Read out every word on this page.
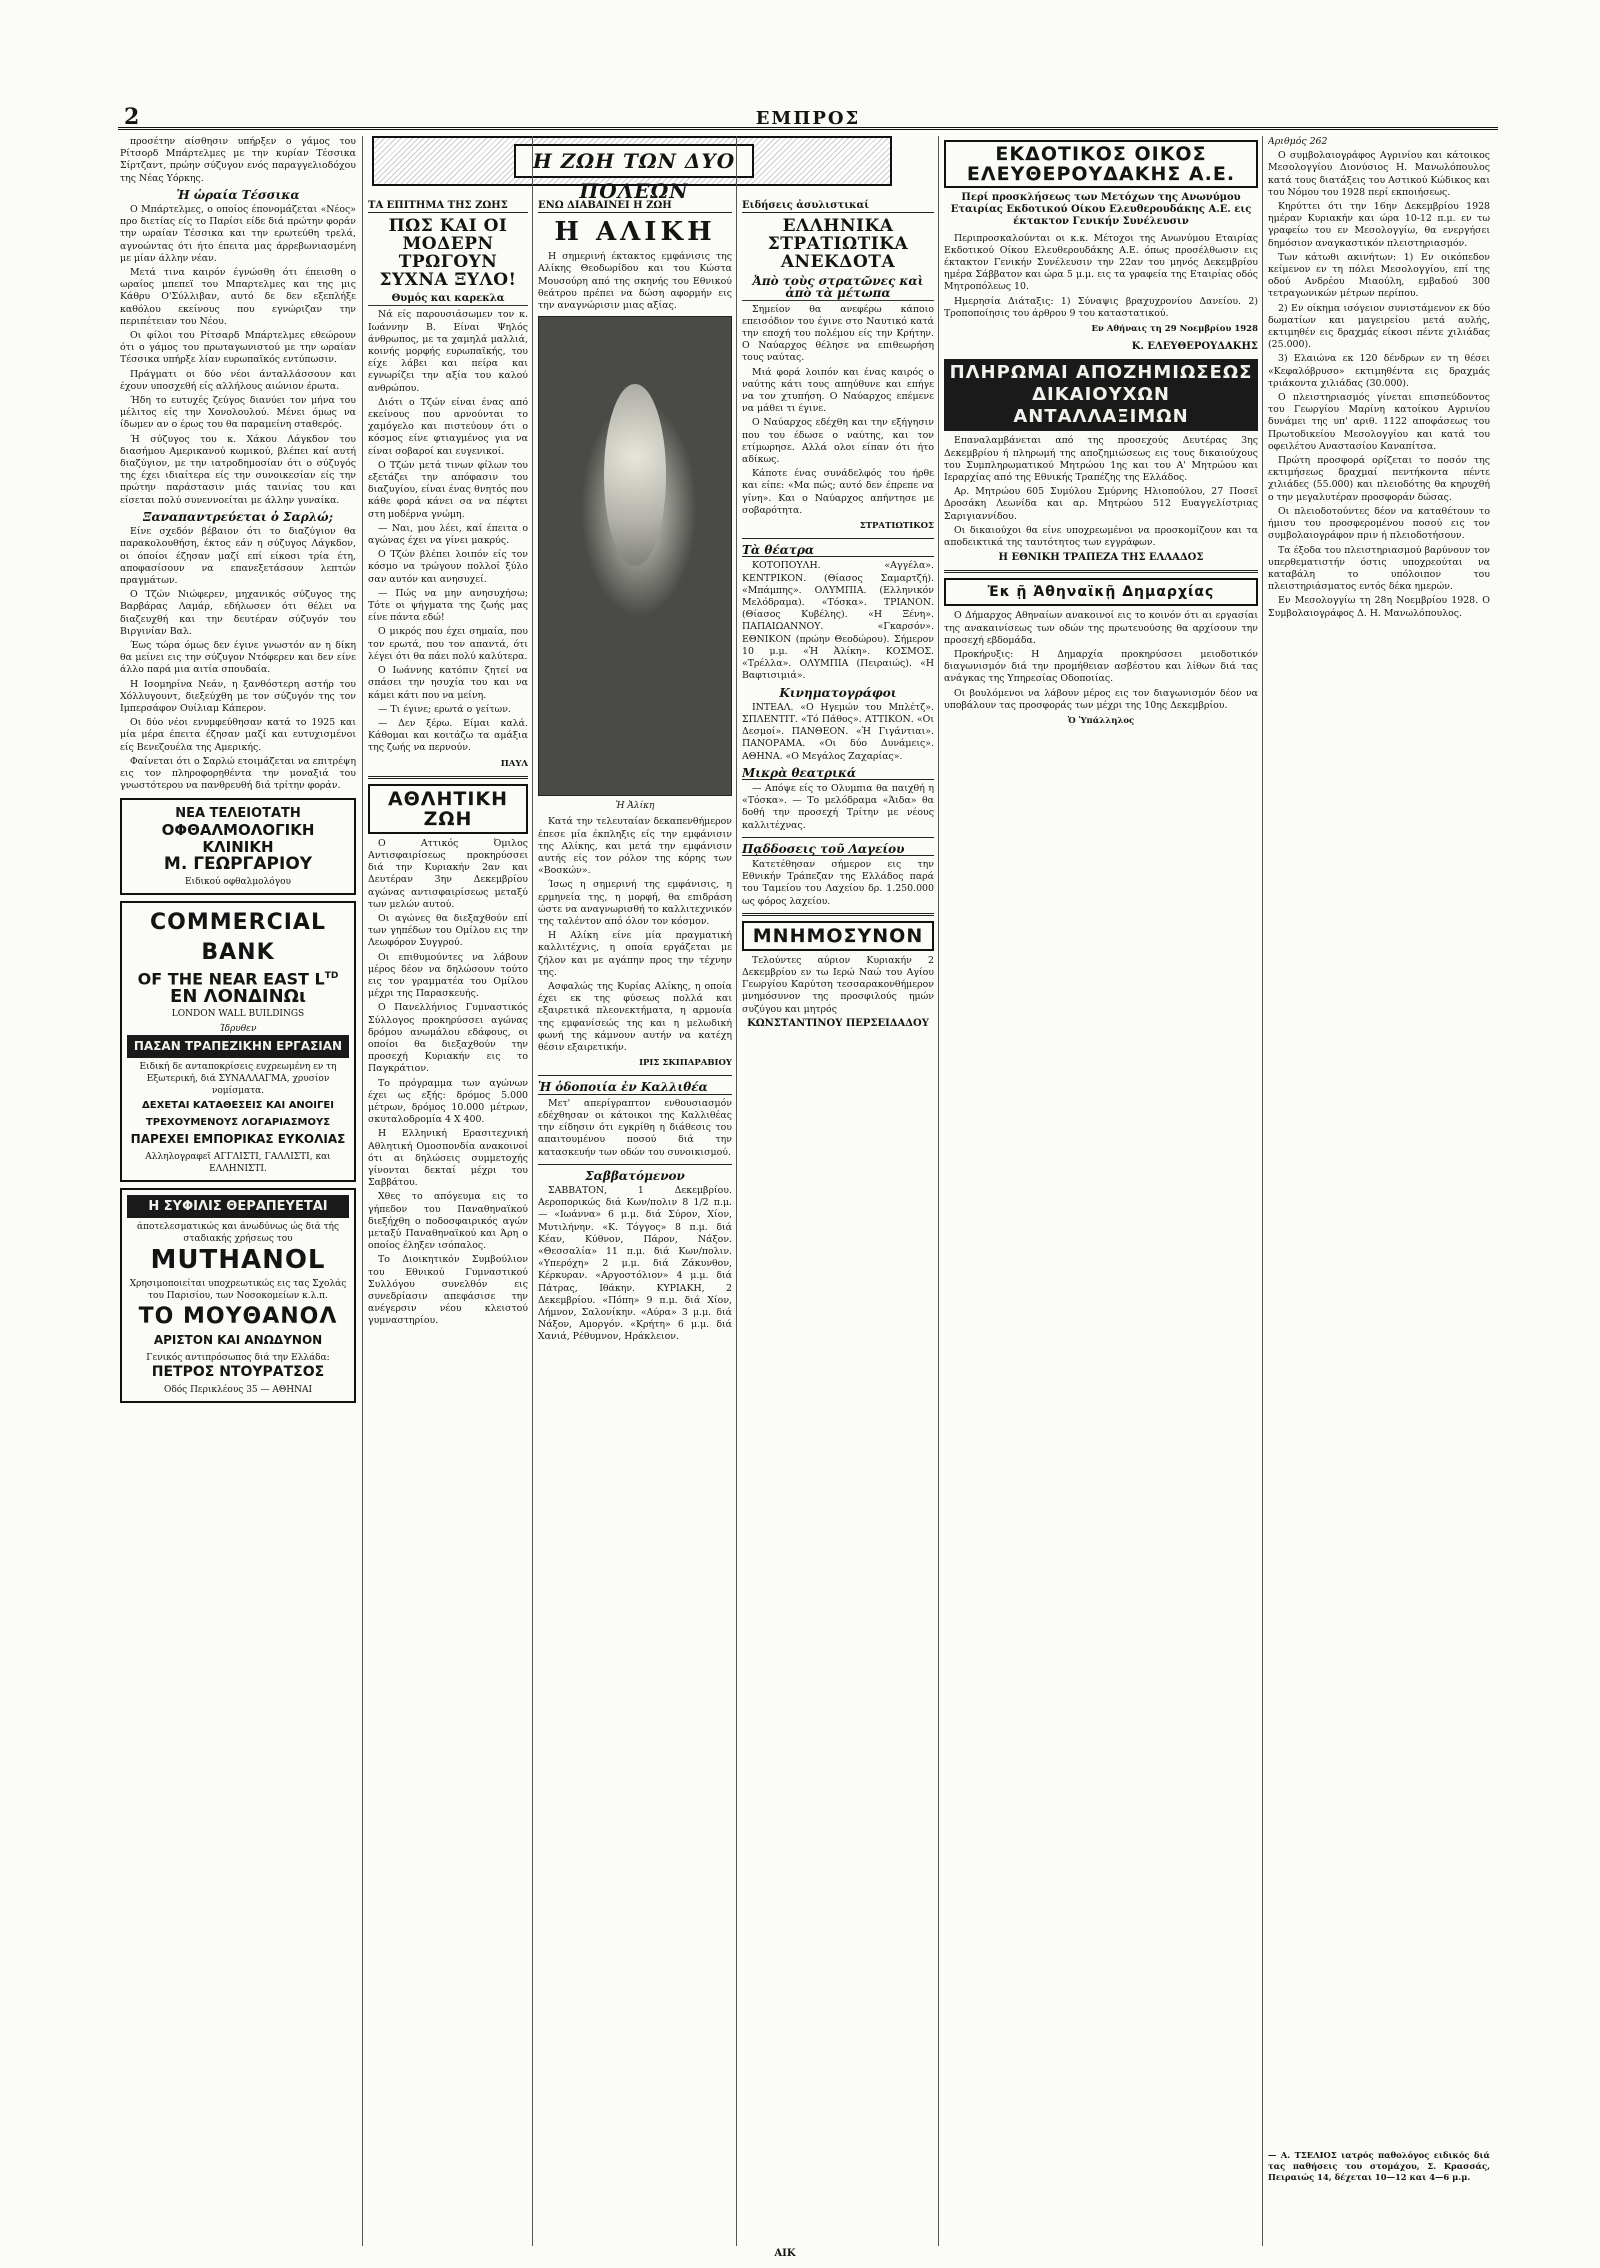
2	ΕΜΠΡΟΣ
Η ΖΩΗ ΤΩΝ ΔΥΟ ΠΟΛΕΩΝ

προσέτην αίσθησιν υπήρξεν ο γάμος του Ρίτσορδ Μπάρτελμες με την κυρίαν Τέσσικα Σίρτζαντ, πρώην σύζυγον ενός παραγγελιοδόχου της Νέας Υόρκης.

Ἡ ὡραία Τέσσικα

Ο Μπάρτελμες, ο οποίος έπονομάζεται «Νέος» προ διετίας είς το Παρίσι είδε διά πρώτην φοράν την ωραίαν Τέσσικα και την ερωτεύθη τρελά, αγνοώντας ότι ήτο έπειτα μας άρρεβωνιασμένη με μίαν άλλην νέαν.

Μετά τινα καιρόν έγνώσθη ότι έπεισθη ο ωραίος μπεπεϊ του Μπαρτελμες και της μις Κάθρυ Ο'Σύλλιβαν, αυτό δε δεν εξεπλήξε καθόλου εκείνους που εγνώριζαν την περιπέτειαν του Νέου.

Οι φίλοι του Ρίτσαρδ Μπάρτελμες εθεώρουν ότι ο γάμος του πρωταγωνιστού με την ωραίαν Τέσσικα υπήρξε λίαν ευρωπαϊκός εντύπωσιν.

Πράγματι οι δύο νέοι άνταλλάσσουν και έχουν υποσχεθή είς αλλήλους αιώνιον έρωτα.

Ήδη το ευτυχές ζεύγος διανύει τον μήνα του μέλιτος είς την Χονολουλού. Μένει όμως να ίδωμεν αν ο έρως του θα παραμείνη σταθερός.

Ή σύζυγος του κ. Χάκου Λάγκδον του διασήμου Αμερικανού κωμικού, βλέπει καί αυτή διαζύγιον, με την ιατροδημοσίαν ότι ο σύζυγός της έχει ιδιαίτερα είς την συνοικεσίαν είς την πρώτην παράστασιν μιάς ταινίας του και είσεται πολύ συνεννοείται με άλλην γυναίκα.

Ξαναπαντρεύεται ὁ Σαρλώ;

Είνε σχεδόν βέβαιον ότι το διαζύγιον θα παρακολουθήση, έκτος εάν η σύζυγος Λάγκδον, οι όποίοι έζησαν μαζί επί είκοσι τρία έτη, αποφασίσουν να επανεξετάσουν λεπτών πραγμάτων.

Ο Τζών Νιώφερεν, μηχανικός σύζυγος της Βαρβάρας Λαμάρ, εδήλωσεν ότι θέλει να διαζευχθή και την δευτέραν σύζυγόν του Βιργινίαν Βαλ.

Έως τώρα όμως δεν έγινε γνωστόν αν η δίκη θα μείνει εις την σύζυγον Ντόφερεν και δεν είνε άλλο παρά μια αιτία σπουδαία.

Η Ισομηρίνα Νεάν, η ξανθόστερη αστήρ του Χόλλυγουντ, διεξεύχθη με τον σύζυγόν της τον Ιμπερσάφον Ουίλιαμ Κάπερον.

Οι δύο νέοι ενυμφεύθησαν κατά το 1925 και μία μέρα έπειτα έζησαν μαζί και ευτυχισμένοι είς Βενεζουέλα της Αμερικής.

Φαίνεται ότι ο Σαρλώ ετοιμάζεται να επιτρέψη εις τον πληροφορηθέντα την μοναξιά του γνωστότερου να πανθρευθή διά τρίτην φοράν.

ΝΕΑ ΤΕΛΕΙΟΤΑΤΗ
ΟΦΘΑΛΜΟΛΟΓΙΚΗ ΚΛΙΝΙΚΗ
Μ. ΓΕΩΡΓΑΡΙΟΥ
Ειδικού οφθαλμολόγου
COMMERCIAL BANK
OF THE NEAR EAST $L^{TD}$
ΕΝ ΛΟΝΔΙΝΩι
LONDON WALL BUILDINGS
Ίδρυθεν
ΠΑΣΑΝ ΤΡΑΠΕΖΙΚΗΝ ΕΡΓΑΣΙΑΝ
Ειδική δε ανταποκρίσεις ευχρεωμένη εν τη Εξωτερική, διά ΣΥΝΑΛΛΑΓΜΑ, χρυσίον νομίσματα.
ΔΕΧΕΤΑΙ ΚΑΤΑΘΕΣΕΙΣ ΚΑΙ ΑΝΟΙΓΕΙ ΤΡΕΧΟΥΜΕΝΟΥΣ ΛΟΓΑΡΙΑΣΜΟΥΣ
ΠΑΡΕΧΕΙ ΕΜΠΟΡΙΚΑΣ ΕΥΚΟΛΙΑΣ
Αλληλογραφεῖ ΑΓΓΛΙΣΤΙ, ΓΑΛΛΙΣΤΙ, και ΕΛΛΗΝΙΣΤΙ.
Η ΣΥΦΙΛΙΣ ΘΕΡΑΠΕΥΕΤΑΙ
άποτελεσματικώς και άνωδύνως ώς διά τής σταδιακής χρήσεως του
MUTHANOL
Χρησιμοποιείται υποχρεωτικώς εις τας Σχολάς του Παρισίου, των Νοσοκομείων κ.λ.π.
ΤΟ ΜΟΥΘΑΝΟΛ
ΑΡΙΣΤΟΝ ΚΑΙ ΑΝΩΔΥΝΟΝ
Γενικός αντιπρόσωπος διά την Ελλάδα:
ΠΕΤΡΟΣ ΝΤΟΥΡΑΤΣΟΣ
Οδός Περικλέους 35 — ΑΘΗΝΑΙ
ΤΑ ΕΠΙΤΗΜΑ ΤΗΣ ΖΩΗΣ
ΠΩΣ ΚΑΙ ΟΙ ΜΟΔΕΡΝ ΤΡΩΓΟΥΝ ΣΥΧΝΑ ΞΥΛΟ!
Θυμός και καρεκλα

Νά είς παρουσιάσωμεν τον κ. Ιωάννην Β. Είναι Ψηλός άνθρωπος, με τα χαμηλά μαλλιά, κοινής μορφής ευρωπαϊκής, του είχε λάβει και πείρα και εγνωρίζει την αξία του καλού ανθρώπου.

Διότι ο Τζών είναι ένας από εκείνους που αρνούνται το χαμόγελο και πιστεύουν ότι ο κόσμος είνε φτιαγμένος για να είναι σοβαροί και ευγενικοί.

Ο Τζών μετά τινων φίλων του εξετάζει την απόφασιν του διαζυγίου, είναι ένας θνητός που κάθε φορά κάνει σα να πέφτει στη μοδέρνα γνώμη.

— Ναι, μου λέει, καί έπειτα ο αγώνας έχει να γίνει μακρύς.

Ο Τζών βλέπει λοιπόν είς τον κόσμο να τρώγουν πολλοί ξύλο σαν αυτόν και ανησυχεί.

— Πώς να μην ανησυχήσω; Τότε οι ψήγματα της ζωής μας είνε πάντα εδώ!

Ο μικρός που έχει σημαία, που τον ερωτά, που τον απαντά, ότι λέγει ότι θα πάει πολύ καλύτερα.

Ο Ιωάννης κατόπιν ζητεί να σπάσει την ησυχία του και να κάμει κάτι που να μείνη.

— Τι έγινε; ερωτά ο γείτων.

— Δεν ξέρω. Είμαι καλά. Κάθομαι και κοιτάζω τα αμάξια της ζωής να περνούν.

ΠΑΥΛ
ΑΘΛΗΤΙΚΗ ΖΩΗ

Ο Αττικός Όμιλος Αντισφαιρίσεως προκηρύσσει διά την Κυριακήν 2αν και Δευτέραν 3ην Δεκεμβρίου αγώνας αντισφαιρίσεως μεταξύ των μελών αυτού.

Οι αγώνες θα διεξαχθούν επί των γηπέδων του Ομίλου εις την Λεωφόρον Συγγρού.

Οι επιθυμούντες να λάβουν μέρος δέον να δηλώσουν τούτο εις τον γραμματέα του Ομίλου μέχρι της Παρασκευής.

Ο Πανελλήνιος Γυμναστικός Σύλλογος προκηρύσσει αγώνας δρόμου ανωμάλου εδάφους, οι οποίοι θα διεξαχθούν την προσεχή Κυριακήν εις το Παγκράτιον.

Το πρόγραμμα των αγώνων έχει ως εξής: δρόμος 5.000 μέτρων, δρόμος 10.000 μέτρων, σκυταλοδρομία 4 Χ 400.

Η Ελληνική Ερασιτεχνική Αθλητική Ομοσπονδία ανακοινοί ότι αι δηλώσεις συμμετοχής γίνονται δεκταί μέχρι του Σαββάτου.

Χθες το απόγευμα εις το γήπεδον του Παναθηναϊκού διεξήχθη ο ποδοσφαιρικός αγών μεταξύ Παναθηναϊκού και Άρη ο οποίος έληξεν ισόπαλος.

Το Διοικητικόν Συμβούλιον του Εθνικού Γυμναστικού Συλλόγου συνελθόν εις συνεδρίασιν απεφάσισε την ανέγερσιν νέου κλειστού γυμναστηρίου.

ΕΝΩ ΔΙΑΒΑΙΝΕΙ Η ΖΩΗ
Η ΑΛΙΚΗ

Η σημερινή έκτακτος εμφάνισις της Αλίκης Θεοδωρίδου και του Κώστα Μουσούρη από της σκηνής του Εθνικού θεάτρου πρέπει να δώση αφορμήν εις την αναγνώρισιν μιας αξίας.

Ἡ Ἀλίκη

Κατά την τελευταίαν δεκαπενθήμερον έπεσε μία έκπληξις είς την εμφάνισιν της Αλίκης, και μετά την εμφάνισιν αυτής είς τον ρόλον της κόρης των «Βοσκών».

Ίσως η σημερινή της εμφάνισις, η ερμηνεία της, η μορφή, θα επιδράση ώστε να αναγνωρισθή το καλλιτεχνικόν της ταλέντον από όλον τον κόσμον.

Η Αλίκη είνε μία πραγματική καλλιτέχνις, η οποία εργάζεται με ζήλον και με αγάπην προς την τέχνην της.

Ασφαλώς της Κυρίας Αλίκης, η οποία έχει εκ της φύσεως πολλά και εξαιρετικά πλεονεκτήματα, η αρμονία της εμφανίσεώς της και η μελωδική φωνή της κάμνουν αυτήν να κατέχη θέσιν εξαιρετικήν.

ΙΡΙΣ ΣΚΙΠΑΡΑΒΙΟΥ
Ἡ ὁδοποιία ἐν Καλλιθέα

Μετ' απερίγραπτον ενθουσιασμόν εδέχθησαν οι κάτοικοι της Καλλιθέας την είδησιν ότι εγκρίθη η διάθεσις του απαιτουμένου ποσού διά την κατασκευήν των οδών του συνοικισμού.

Σαββατόμενον

ΣΑΒΒΑΤΟΝ, 1 Δεκεμβρίου. Αεροπορικώς διά Κων/πολιν 8 1/2 π.μ. — «Ιωάννα» 6 μ.μ. διά Σύρον, Χίον, Μυτιλήνην. «Κ. Τόγγος» 8 π.μ. διά Κέαν, Κύθνον, Πάρον, Νάξον. «Θεσσαλία» 11 π.μ. διά Κων/πολιν. «Υπερόχη» 2 μ.μ. διά Ζάκυνθον, Κέρκυραν. «Αργοστόλιον» 4 μ.μ. διά Πάτρας, Ιθάκην. ΚΥΡΙΑΚΗ, 2 Δεκεμβρίου. «Πόπη» 9 π.μ. διά Χίον, Λήμνον, Σαλονίκην. «Αύρα» 3 μ.μ. διά Νάξον, Αμοργόν. «Κρήτη» 6 μ.μ. διά Χανιά, Ρέθυμνον, Ηράκλειον.

Ειδήσεις ἀσυλιστικαί
ΕΛΛΗΝΙΚΑ ΣΤΡΑΤΙΩΤΙΚΑ ΑΝΕΚΔΟΤΑ
Ἀπὸ τοὺς στρατῶνες καὶ ἀπὸ τὰ μέτωπα

Σημείον θα ανεφέρω κάποιο επεισόδιον του έγινε στο Ναυτικό κατά την εποχή του πολέμου είς την Κρήτην. Ο Ναύαρχος θέλησε να επιθεωρήση τους ναύτας.

Μιά φορά λοιπόν και ένας καιρός ο ναύτης κάτι τους απηύθυνε και επήγε να τον χτυπήση. Ο Ναύαρχος επέμενε να μάθει τι έγινε.

Ο Ναύαρχος εδέχθη και την εξήγησιν που του έδωσε ο ναύτης, και τον ετίμωρησε. Αλλά ολοι είπαν ότι ήτο αδίκως.

Κάποτε ένας συνάδελφός του ήρθε και είπε: «Μα πώς; αυτό δεν έπρεπε να γίνη». Και ο Ναύαρχος απήντησε με σοβαρότητα.

ΣΤΡΑΤΙΩΤΙΚΟΣ
Τὰ θέατρα

ΚΟΤΟΠΟΥΛΗ. «Αγγέλα». ΚΕΝΤΡΙΚΟΝ. (Θίασος Σαμαρτζή). «Μπάμπης». ΟΛΥΜΠΙΑ. (Ελληνικόν Μελόδραμα). «Τόσκα». ΤΡΙΑΝΟΝ. (Θίασος Κυβέλης). «Η Ξένη». ΠΑΠΑΙΩΑΝΝΟΥ. «Γκαρσόν». ΕΘΝΙΚΟΝ (πρώην Θεοδώρου). Σήμερον 10 μ.μ. «Ἡ Ἀλίκη». ΚΟΣΜΟΣ. «Τρέλλα». ΟΛΥΜΠΙΑ (Πειραιώς). «Η Βαφτισιμιά».

Κινηματογράφοι

ΙΝΤΕΑΛ. «Ο Ηγεμών του Μπλέτζ». ΣΠΛΕΝΤΙΤ. «Τό Πάθος». ΑΤΤΙΚΟΝ. «Οι Δεσμοί». ΠΑΝΘΕΟΝ. «Ἡ Γιγάντιαι». ΠΑΝΟΡΑΜΑ. «Οι δύο Δυνάμεις». ΑΘΗΝΑ. «Ο Μεγάλος Ζαχαρίας».

Μικρὰ θεατρικά

— Απόψε είς το Ολυμπια θα παιχθή η «Τόσκα». — Το μελόδραμα «Άιδα» θα δοθή την προσεχή Τρίτην με νέους καλλιτέχνας.

Πᾳδδοσεις τοῦ Λαγείου

Κατετέθησαν σήμερον εις την Εθνικήν Τράπεζαν της Ελλάδος παρά του Ταμείου του Λαχείου δρ. 1.250.000 ως φόρος λαχείου.

ΜΝΗΜΟΣΥΝΟΝ

Τελούντες αύριον Κυριακήν 2 Δεκεμβρίου εν τω Ιερώ Ναώ του Αγίου Γεωργίου Καρύτση τεσσαρακονθήμερον μνημόσυνον της προσφιλούς ημών συζύγου και μητρός

ΚΩΝΣΤΑΝΤΙΝΟΥ ΠΕΡΣΕΙΔΑΔΟΥ
ΕΚΔΟΤΙΚΟΣ ΟΙΚΟΣ ΕΛΕΥΘΕΡΟΥΔΑΚΗΣ Α.Ε.
Περί προσκλήσεως των Μετόχων της Ανωνύμου Εταιρίας Εκδοτικού Οίκου Ελευθερουδάκης Α.Ε. εις έκτακτον Γενικήν Συνέλευσιν

Περιπροσκαλούνται οι κ.κ. Μέτοχοι της Ανωνύμου Εταιρίας Εκδοτικού Οίκου Ελευθερουδάκης Α.Ε. όπως προσέλθωσιν εις έκτακτον Γενικήν Συνέλευσιν την 22αν του μηνός Δεκεμβρίου ημέρα Σάββατον και ώρα 5 μ.μ. εις τα γραφεία της Εταιρίας οδός Μητροπόλεως 10.

Ημερησία Διάταξις: 1) Σύναψις βραχυχρονίου Δανείου. 2) Τροποποίησις του άρθρου 9 του καταστατικού.

Εν Αθήναις τη 29 Νοεμβρίου 1928
Κ. ΕΛΕΥΘΕΡΟΥΔΑΚΗΣ
ΠΛΗΡΩΜΑΙ ΑΠΟΖΗΜΙΩΣΕΩΣ ΔΙΚΑΙΟΥΧΩΝ ΑΝΤΑΛΛΑΞΙΜΩΝ

Επαναλαμβάνεται από της προσεχούς Δευτέρας 3ης Δεκεμβρίου ή πληρωμή της αποζημιώσεως εις τους δικαιούχους του Συμπληρωματικού Μητρώου 1ης και του Α' Μητρώου και Ιεραρχίας από της Εθνικής Τραπέζης της Ελλάδος.

Αρ. Μητρώου 605 Συμύλου Σμύρνης Ηλιοπούλου, 27 Ποσεϊ Δροσάκη Λεωνίδα και αρ. Μητρώου 512 Ευαγγελίστριας Σαριγιαννίδου.

Οι δικαιούχοι θα είνε υποχρεωμένοι να προσκομίζουν και τα αποδεικτικά της ταυτότητος των εγγράφων.

Η ΕΘΝΙΚΗ ΤΡΑΠΕΖΑ ΤΗΣ ΕΛΛΑΔΟΣ
Ἐκ ῇ Ἀθηναϊκῇ Δημαρχίας

Ο Δήμαρχος Αθηναίων ανακοινοί εις το κοινόν ότι αι εργασίαι της ανακαινίσεως των οδών της πρωτευούσης θα αρχίσουν την προσεχή εβδομάδα.

Προκήρυξις: Η Δημαρχία προκηρύσσει μειοδοτικόν διαγωνισμόν διά την προμήθειαν ασβέστου και λίθων διά τας ανάγκας της Υπηρεσίας Οδοποιίας.

Οι βουλόμενοι να λάβουν μέρος εις τον διαγωνισμόν δέον να υποβάλουν τας προσφοράς των μέχρι της 10ης Δεκεμβρίου.

Ὁ Ὑπάλληλος

Αριθμός 262

Ο συμβολαιογράφος Αγρινίου και κάτοικος Μεσολογγίου Διονύσιος Η. Μανωλόπουλος κατά τους διατάξεις του Αστικού Κώδικος και του Νόμου του 1928 περί εκποιήσεως.

Κηρύττει ότι την 16ην Δεκεμβρίου 1928 ημέραν Κυριακήν και ώρα 10-12 π.μ. εν τω γραφείω του εν Μεσολογγίω, θα ενεργήσει δημόσιον αναγκαστικόν πλειστηριασμόν.

Των κάτωθι ακινήτων: 1) Εν οικόπεδον κείμενον εν τη πόλει Μεσολογγίου, επί της οδού Ανδρέου Μιαούλη, εμβαδού 300 τετραγωνικών μέτρων περίπου.

2) Εν οίκημα ισόγειον συνιστάμενον εκ δύο δωματίων και μαγειρείου μετά αυλής, εκτιμηθέν εις δραχμάς είκοσι πέντε χιλιάδας (25.000).

3) Ελαιώνα εκ 120 δένδρων εν τη θέσει «Κεφαλόβρυσο» εκτιμηθέντα εις δραχμάς τριάκοντα χιλιάδας (30.000).

Ο πλειστηριασμός γίνεται επισπεύδοντος του Γεωργίου Μαρίνη κατοίκου Αγρινίου δυνάμει της υπ' αριθ. 1122 αποφάσεως του Πρωτοδικείου Μεσολογγίου και κατά του οφειλέτου Αναστασίου Καναπίτσα.

Πρώτη προσφορά ορίζεται το ποσόν της εκτιμήσεως δραχμαί πεντήκοντα πέντε χιλιάδες (55.000) και πλειοδότης θα κηρυχθή ο την μεγαλυτέραν προσφοράν δώσας.

Οι πλειοδοτούντες δέον να καταθέτουν το ήμισυ του προσφερομένου ποσού εις τον συμβολαιογράφον πριν ή πλειοδοτήσουν.

Τα έξοδα του πλειστηριασμού βαρύνουν τον υπερθεματιστήν όστις υποχρεούται να καταβάλη το υπόλοιπον του πλειστηριάσματος εντός δέκα ημερών.

Εν Μεσολογγίω τη 28η Νοεμβρίου 1928. Ο Συμβολαιογράφος Δ. Η. Μανωλόπουλος.

— Α. ΤΣΕΛΙΟΣ ιατρός παθολόγος ειδικός διά τας παθήσεις του στομάχου, Σ. Κρασσάς, Πειραιώς 14, δέχεται 10—12 και 4—6 μ.μ.
ΑΙΚ
